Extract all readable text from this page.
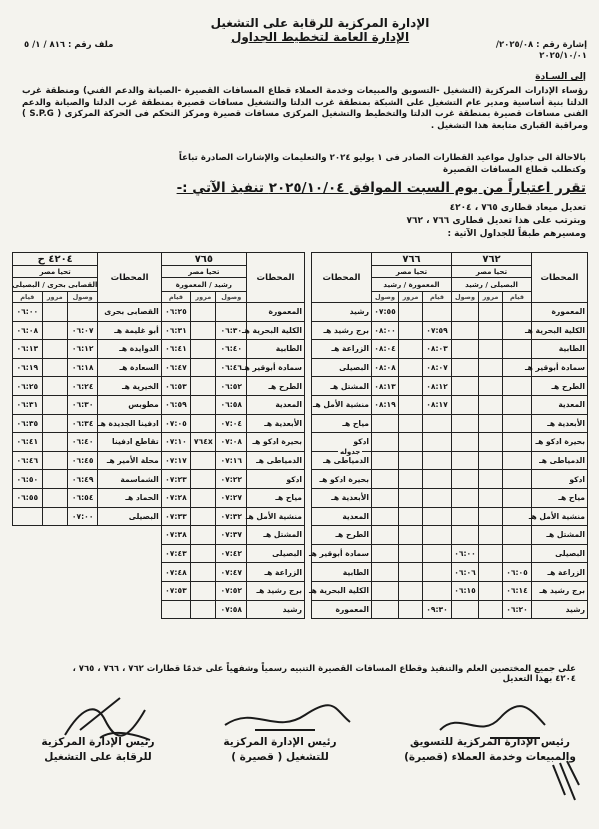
الإدارة المركزية للرقابة على التشغيل
الإدارة العامة لتخطيط الجداول
إشارة رقم : ٢٠٢٥/٠٨/
٢٠٢٥/١٠/٠١
ملف رقم : ٨١٦ / ١/ ٥
إلى السـادة
رؤساء الإدارات المركزية (التشغيل -التسويق والمبيعات وخدمة العملاء قطاع المسافات القصيرة -الصيانة والدعم الفني) ومنطقة غرب الدلتا بنية أساسية ومدير عام التشغيل على الشبكة بمنطقة غرب الدلتا والتشغيل مسافات قصيرة بمنطقة غرب الدلتا والصيانة والدعم الفنى مسافات قصيرة بمنطقة غرب الدلتا والتخطيط والتشغيل المركزى مسافات قصيرة ومركز التحكم فى الحركة المركزى ( S.P.G ) ومراقبة القبارى متابعة هذا التشغيل .
بالاحالة الى جداول مواعيد القطارات الصادر فى ١ يوليو ٢٠٢٤ والتعليمات والإشارات الصادرة تباعاً
وكتطلب قطاع المسافات القصيرة
تقرر اعتباراً من يوم السبت الموافق ٢٠٢٥/١٠/٠٤ تنفيذ الآتي :-
تعديل ميعاد قطارى ٧٦٥ ، ٤٢٠٤
ويترتب على هذا تعديل قطارى ٧٦٦ ، ٧٦٢
ومسيرهم طبقاً للجداول الآتية :
المحطات	٧٦٢			٧٦٦			المحطات
	تحيا مصر			تحيا مصر			
	البصيلى / رشيد			المعمورة / رشيد			
	قيام	مرور	وصول	قيام	مرور	وصول	
المعمورة						٠٧:٥٥	رشيد
الكلية البحرية هـ				٠٧:٥٩		٠٨:٠٠	برج رشيد هـ
الطابية				٠٨:٠٣		٠٨:٠٤	الزراعة هـ
سمادة أبوقير هـ				٠٨:٠٧		٠٨:٠٨	البصيلى
الطرح هـ				٠٨:١٢		٠٨:١٣	المشتل هـ
المعدية				٠٨:١٧		٠٨:١٩	منشية الأمل هـ
الأبعدية هـ							مياح هـ
بحيرة ادكو هـ							ادكو
الدمياطى هـ							الدمياطى هـ
ادكو							بحيرة ادكو هـ
مياح هـ							الأبعدية هـ
منشية الأمل هـ							المعدية
المشتل هـ							الطرح هـ
البصيلى			٠٦:٠٠				سمادة أبوقير هـ
الزراعة هـ	٠٦:٠٥		٠٦:٠٦				الطابية
برج رشيد هـ	٠٦:١٤		٠٦:١٥				الكلية البحرية هـ
رشيد	٠٦:٢٠			٠٩:٣٠			المعمورة
المحطات	٧٦٥			المحطات	٤٢٠٤ ح		
	تحيا مصر				تحيا مصر		
	رشيد / المعمورة				القصابى بحرى / البصيلى		
	وصول	مرور	قيام		وصول	مرور	قيام
المعمورة			٠٦:٢٥	القصابى بحرى			٠٦:٠٠
الكلية البحرية هـ	٠٦:٣٠		٠٦:٣١	أبو غليمة هـ	٠٦:٠٧		٠٦:٠٨
الطابية	٠٦:٤٠		٠٦:٤١	الدوايدة هـ	٠٦:١٢		٠٦:١٣
سمادة أبوقير هـ	٠٦:٤٦		٠٦:٤٧	السعادة هـ	٠٦:١٨		٠٦:١٩
الطرح هـ	٠٦:٥٢		٠٦:٥٣	الخيرية هـ	٠٦:٢٤		٠٦:٢٥
المعدية	٠٦:٥٨		٠٦:٥٩	مطوبس	٠٦:٣٠		٠٦:٣١
الأبعدية هـ	٠٧:٠٤		٠٧:٠٥	ادفينا الجديدة هـ	٠٦:٣٤		٠٦:٣٥
بحيرة ادكو هـ	٠٧:٠٨	٧٦٤x	٠٧:١٠	تقاطع ادفينا	٠٦:٤٠		٠٦:٤١
الدمياطى هـ	٠٧:١٦		٠٧:١٧	محلة الأمير هـ	٠٦:٤٥		٠٦:٤٦
ادكو	٠٧:٢٢		٠٧:٢٣	الشماسمة	٠٦:٤٩		٠٦:٥٠
مياح هـ	٠٧:٢٧		٠٧:٢٨	الحماد هـ	٠٦:٥٤		٠٦:٥٥
منشية الأمل هـ	٠٧:٣٢		٠٧:٣٣	البصيلى	٠٧:٠٠		
المشتل هـ	٠٧:٣٧		٠٧:٣٨				
البصيلى	٠٧:٤٢		٠٧:٤٣				
الزراعة هـ	٠٧:٤٧		٠٧:٤٨				
برج رشيد هـ	٠٧:٥٢		٠٧:٥٣				
رشيد	٠٧:٥٨						
على جميع المختصين العلم والتنفيذ وقطاع المسافات القصيرة التنبيه رسمياً وشفهياً على خدمًا قطارات ٧٦٢ ، ٧٦٦ ، ٧٦٥ ، ٤٢٠٤ بهذا التعديل
رئيس الإدارة المركزية للتسويق
والمبيعات وخدمة العملاء (قصيرة)
رئيس الإدارة المركزية
للتشغيل ( قصيرة )
رئيس الإدارة المركزية
للرقابة على التشغيل
جدوله
